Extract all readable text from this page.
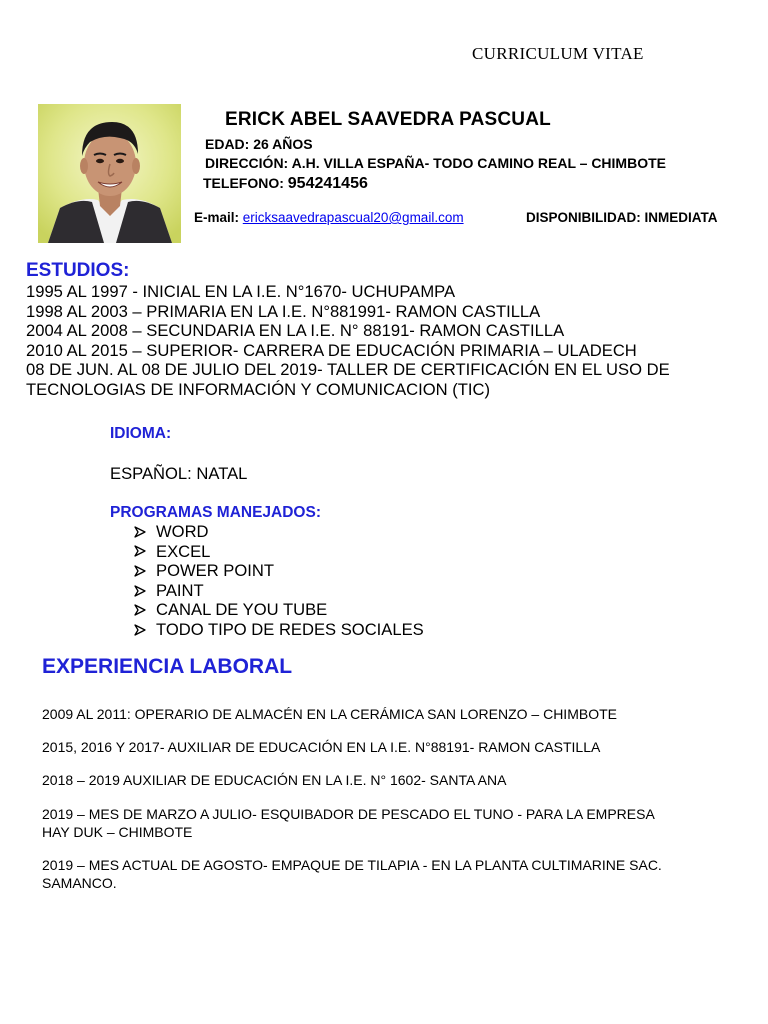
CURRICULUM VITAE
ERICK ABEL SAAVEDRA PASCUAL
EDAD: 26 AÑOS
DIRECCIÓN: A.H. VILLA ESPAÑA- TODO CAMINO REAL – CHIMBOTE
TELEFONO: 954241456
E-mail: ericksaavedrapascual20@gmail.com	DISPONIBILIDAD: INMEDIATA
ESTUDIOS:
1995 AL 1997 - INICIAL EN LA I.E. N°1670- UCHUPAMPA
1998 AL 2003 – PRIMARIA EN LA I.E. N°881991- RAMON CASTILLA
2004 AL 2008 – SECUNDARIA EN LA I.E. N° 88191- RAMON CASTILLA
2010 AL 2015 – SUPERIOR- CARRERA DE EDUCACIÓN PRIMARIA – ULADECH
08 DE JUN. AL 08 DE JULIO DEL 2019- TALLER DE CERTIFICACIÓN EN EL USO DE
TECNOLOGIAS DE INFORMACIÓN Y COMUNICACION (TIC)
IDIOMA:
ESPAÑOL: NATAL
PROGRAMAS MANEJADOS:
WORD
EXCEL
POWER POINT
PAINT
CANAL DE YOU TUBE
TODO TIPO DE REDES SOCIALES
EXPERIENCIA LABORAL
2009 AL 2011: OPERARIO DE ALMACÉN EN LA CERÁMICA SAN LORENZO – CHIMBOTE
2015, 2016 Y 2017- AUXILIAR DE EDUCACIÓN EN LA I.E. N°88191- RAMON CASTILLA
2018 – 2019 AUXILIAR DE EDUCACIÓN EN LA I.E. N° 1602- SANTA ANA
2019 – MES DE MARZO A JULIO- ESQUIBADOR DE PESCADO EL TUNO - PARA LA EMPRESA HAY DUK – CHIMBOTE
2019 – MES ACTUAL DE AGOSTO- EMPAQUE DE TILAPIA - EN LA PLANTA CULTIMARINE SAC. SAMANCO.
